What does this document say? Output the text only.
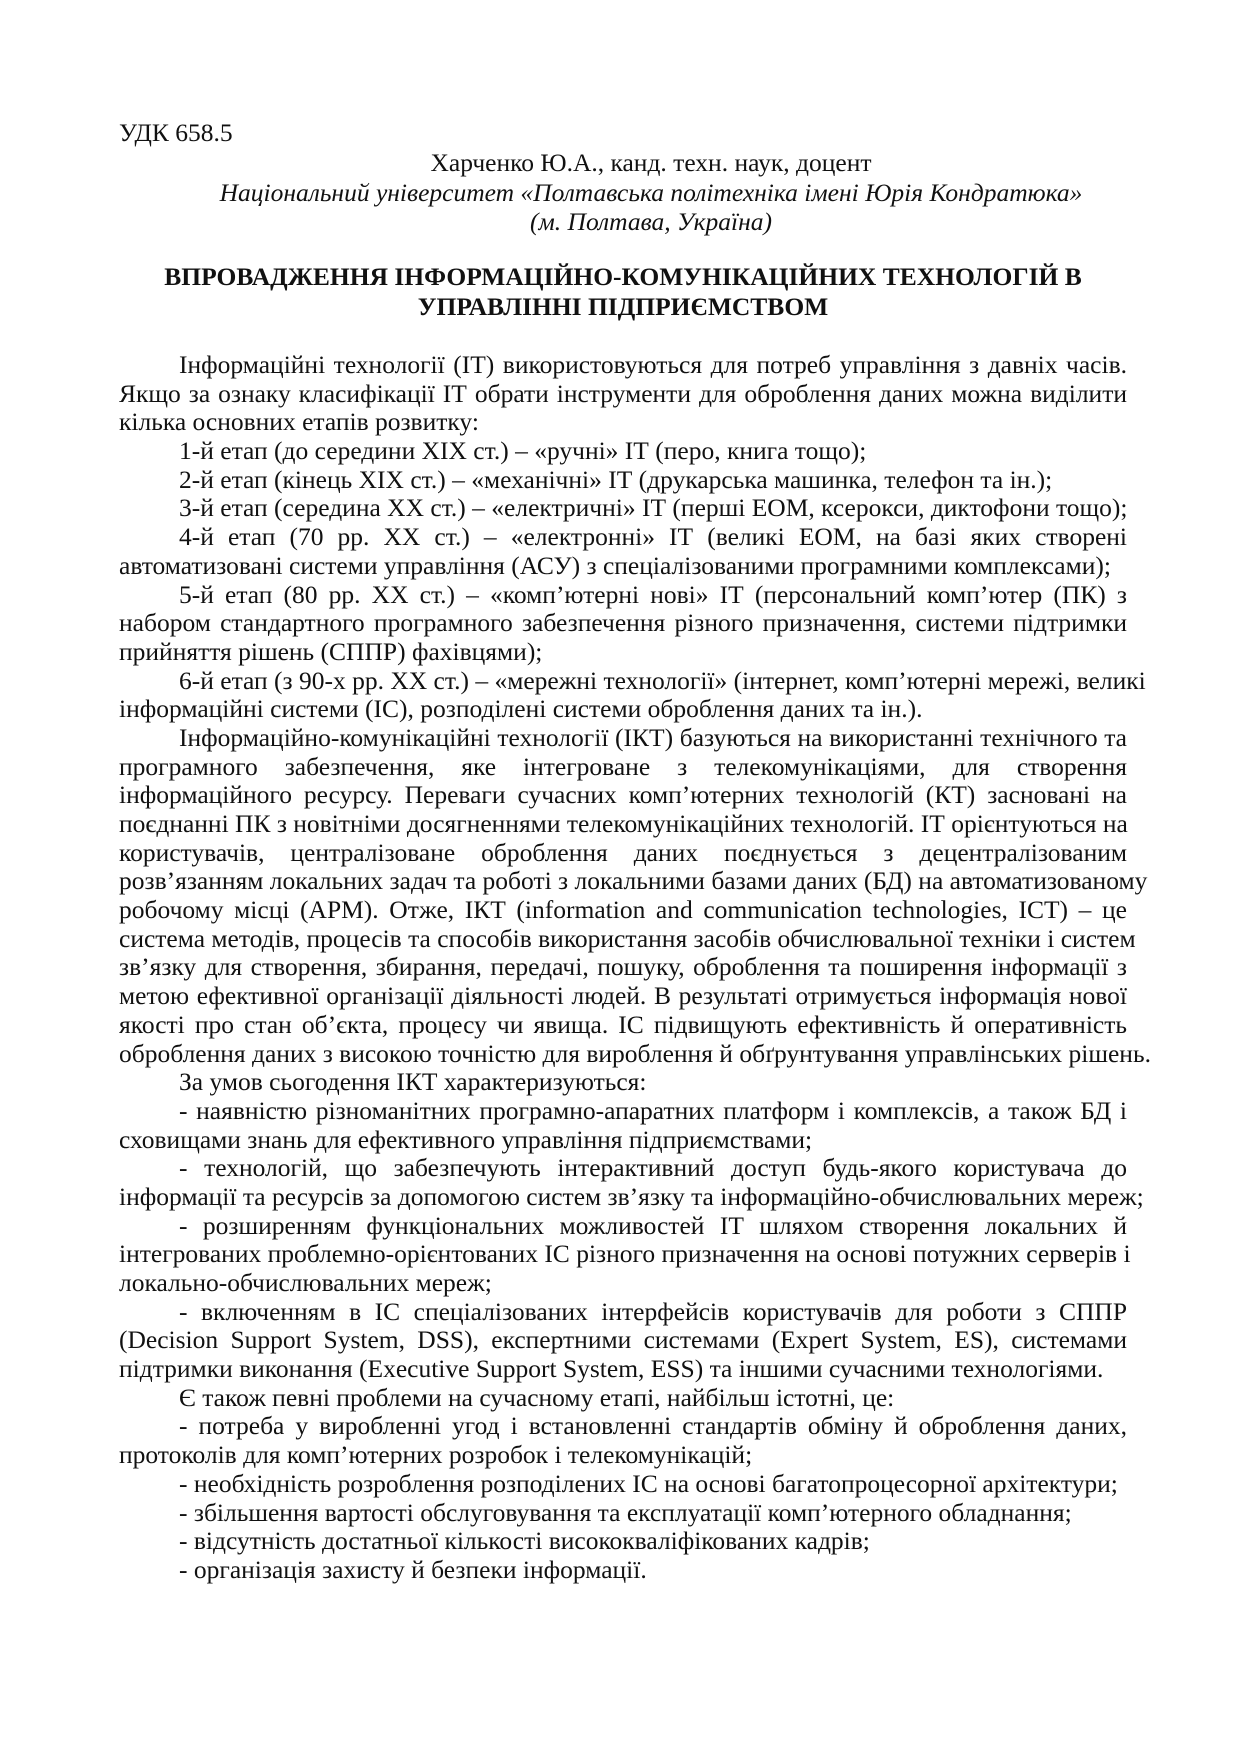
УДК 658.5
Харченко Ю.А., канд. техн. наук, доцент
Національний університет «Полтавська політехніка імені Юрія Кондратюка»
(м. Полтава, Україна)
ВПРОВАДЖЕННЯ ІНФОРМАЦІЙНО-КОМУНІКАЦІЙНИХ ТЕХНОЛОГІЙ В
УПРАВЛІННІ ПІДПРИЄМСТВОМ
Інформаційні технології (ІТ) використовуються для потреб управління з давніх часів.
Якщо за ознаку класифікації ІТ обрати інструменти для оброблення даних можна виділити
кілька основних етапів розвитку:
1-й етап (до середини ХІХ ст.) – «ручні» ІТ (перо, книга тощо);
2-й етап (кінець ХІХ ст.) – «механічні» ІТ (друкарська машинка, телефон та ін.);
3-й етап (середина ХХ ст.) – «електричні» ІТ (перші ЕОМ, ксерокси, диктофони тощо);
4-й етап (70 рр. ХХ ст.) – «електронні» ІТ (великі ЕОМ, на базі яких створені
автоматизовані системи управління (АСУ) з спеціалізованими програмними комплексами);
5-й етап (80 рр. ХХ ст.) – «комп’ютерні нові» ІТ (персональний комп’ютер (ПК) з
набором стандартного програмного забезпечення різного призначення, системи підтримки
прийняття рішень (СППР) фахівцями);
6-й етап (з 90-х рр. ХХ ст.) – «мережні технології» (інтернет, комп’ютерні мережі, великі
інформаційні системи (ІС), розподілені системи оброблення даних та ін.).
Інформаційно-комунікаційні технології (ІКТ) базуються на використанні технічного та
програмного забезпечення, яке інтегроване з телекомунікаціями, для створення
інформаційного ресурсу. Переваги сучасних комп’ютерних технологій (КТ) засновані на
поєднанні ПК з новітніми досягненнями телекомунікаційних технологій. ІТ орієнтуються на
користувачів, централізоване оброблення даних поєднується з децентралізованим
розв’язанням локальних задач та роботі з локальними базами даних (БД) на автоматизованому
робочому місці (АРМ). Отже, ІКТ (information and communication technologies, ICT) – це
система методів, процесів та способів використання засобів обчислювальної техніки і систем
зв’язку для створення, збирання, передачі, пошуку, оброблення та поширення інформації з
метою ефективної організації діяльності людей. В результаті отримується інформація нової
якості про стан об’єкта, процесу чи явища. ІС підвищують ефективність й оперативність
оброблення даних з високою точністю для вироблення й обґрунтування управлінських рішень.
За умов сьогодення ІКТ характеризуються:
- наявністю різноманітних програмно-апаратних платформ і комплексів, а також БД і
сховищами знань для ефективного управління підприємствами;
- технологій, що забезпечують інтерактивний доступ будь-якого користувача до
інформації та ресурсів за допомогою систем зв’язку та інформаційно-обчислювальних мереж;
- розширенням функціональних можливостей ІТ шляхом створення локальних й
інтегрованих проблемно-орієнтованих ІС різного призначення на основі потужних серверів і
локально-обчислювальних мереж;
- включенням в ІС спеціалізованих інтерфейсів користувачів для роботи з СППР
(Decision Support System, DSS), експертними системами (Expert System, ES), системами
підтримки виконання (Executive Support System, ESS) та іншими сучасними технологіями.
Є також певні проблеми на сучасному етапі, найбільш істотні, це:
- потреба у виробленні угод і встановленні стандартів обміну й оброблення даних,
протоколів для комп’ютерних розробок і телекомунікацій;
- необхідність розроблення розподілених ІС на основі багатопроцесорної архітектури;
- збільшення вартості обслуговування та експлуатації комп’ютерного обладнання;
- відсутність достатньої кількості висококваліфікованих кадрів;
- організація захисту й безпеки інформації.
